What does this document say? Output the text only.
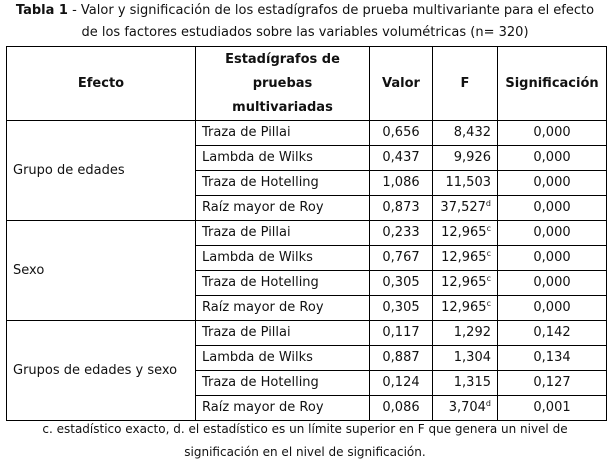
Tabla 1 - Valor y significación de los estadígrafos de prueba multivariante para el efecto
de los factores estudiados sobre las variables volumétricas (n= 320)
Efecto	Estadígrafos de pruebas multivariadas	Valor	F	Significación
Grupo de edades	Traza de Pillai	0,656	8,432	0,000
	Lambda de Wilks	0,437	9,926	0,000
	Traza de Hotelling	1,086	11,503	0,000
	Raíz mayor de Roy	0,873	37,527$^d$	0,000
Sexo	Traza de Pillai	0,233	12,965$^c$	0,000
	Lambda de Wilks	0,767	12,965$^c$	0,000
	Traza de Hotelling	0,305	12,965$^c$	0,000
	Raíz mayor de Roy	0,305	12,965$^c$	0,000
Grupos de edades y sexo	Traza de Pillai	0,117	1,292	0,142
	Lambda de Wilks	0,887	1,304	0,134
	Traza de Hotelling	0,124	1,315	0,127
	Raíz mayor de Roy	0,086	3,704$^d$	0,001
c. estadístico exacto, d. el estadístico es un límite superior en F que genera un nivel de
significación en el nivel de significación.
